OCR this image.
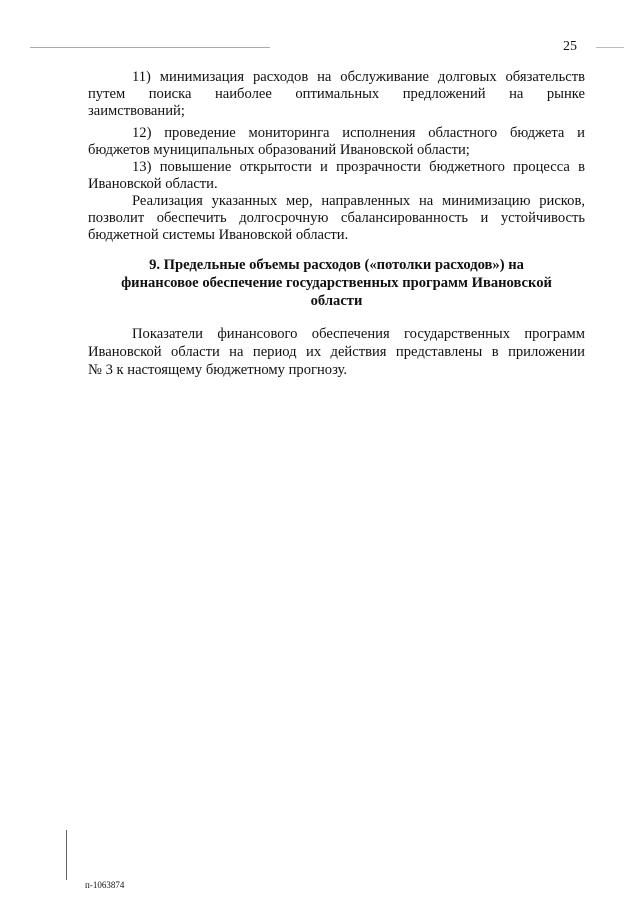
25
11) минимизация расходов на обслуживание долговых обязательств
путем поиска наиболее оптимальных предложений на рынке
заимствований;
12) проведение мониторинга исполнения областного бюджета и
бюджетов муниципальных образований Ивановской области;
13) повышение открытости и прозрачности бюджетного процесса в
Ивановской области.
Реализация указанных мер, направленных на минимизацию рисков,
позволит обеспечить долгосрочную сбалансированность и устойчивость
бюджетной системы Ивановской области.
9. Предельные объемы расходов («потолки расходов») на
финансовое обеспечение государственных программ Ивановской
области
Показатели финансового обеспечения государственных программ
Ивановской области на период их действия представлены в приложении
№ 3 к настоящему бюджетному прогнозу.
п-1063874
